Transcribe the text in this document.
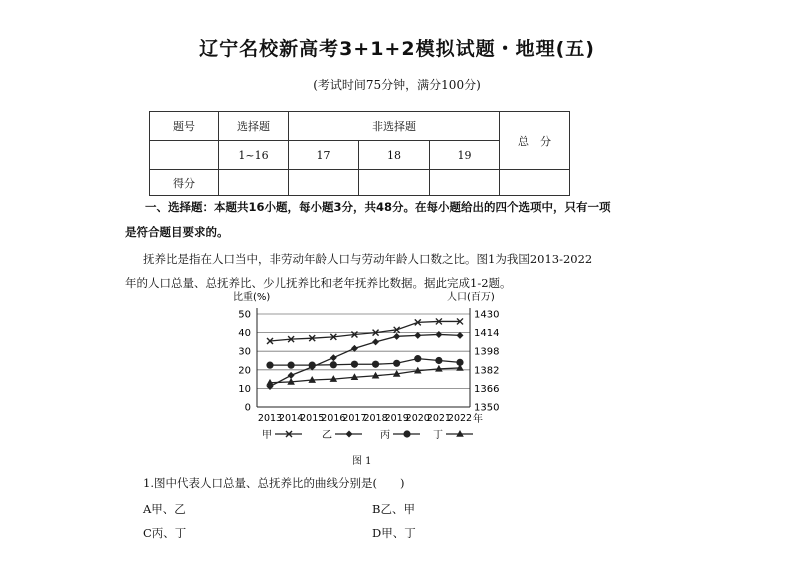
辽宁名校新高考3+1+2模拟试题・地理(五)
(考试时间75分钟，满分100分)
题号	选择题	非选择题			总　分
	1~16	17	18	19	
得分					
一、选择题：本题共16小题，每小题3分，共48分。在每小题给出的四个选项中，只有一项
是符合题目要求的。
抚养比是指在人口当中，非劳动年龄人口与劳动年龄人口数之比。图1为我国2013-2022
年的人口总量、总抚养比、少儿抚养比和老年抚养比数据。据此完成1-2题。
比重(%)	人口(百万)
年
0
10
20
30
40
50
1350
1366
1382
1398
1414
1430
2013
2014
2015
2016
2017
2018
2019
2020
2021
2022
甲	乙	丙	丁
图 1
1.图中代表人口总量、总抚养比的曲线分别是(　　)
A甲、乙	B乙、甲
C丙、丁	D甲、丁
